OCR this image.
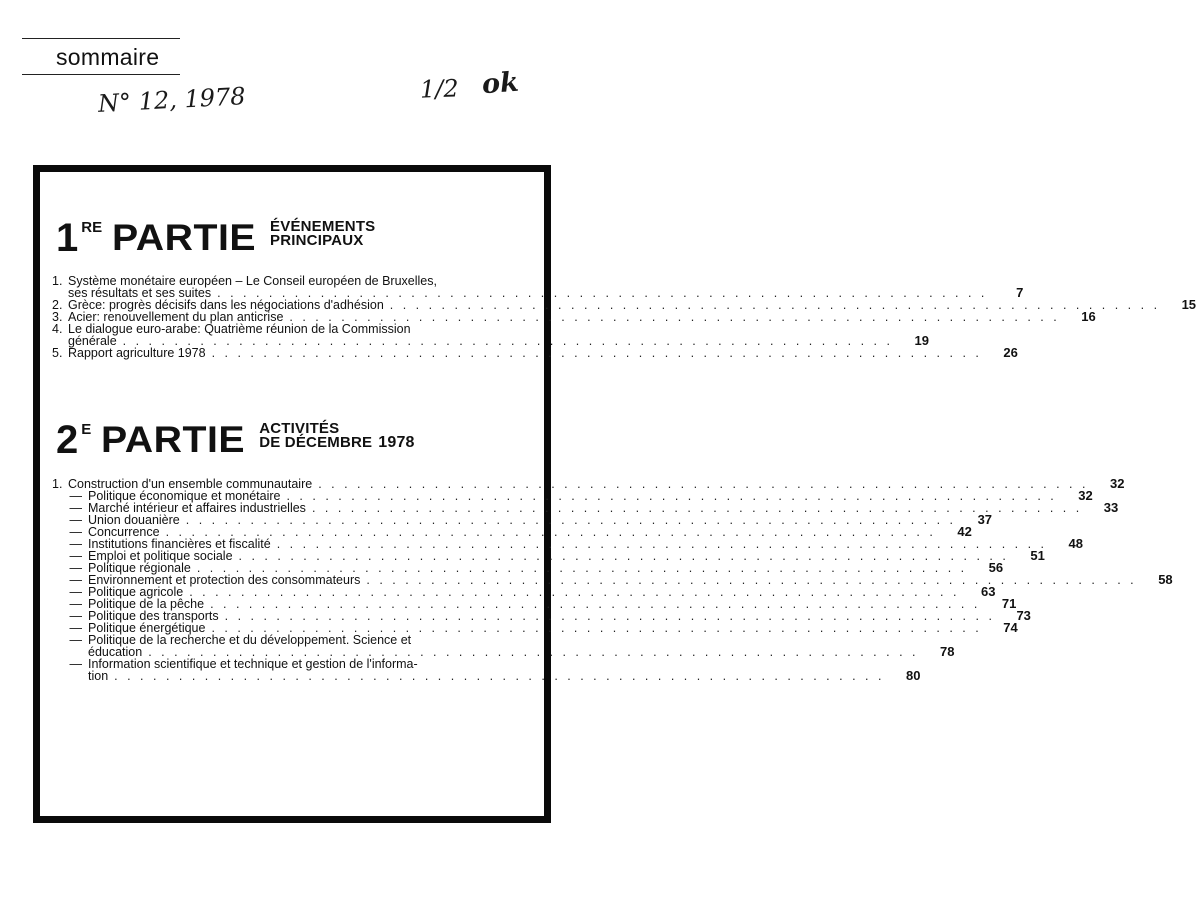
sommaire
N° 12, 1978	1/2 ok
1 RE PARTIE ÉVÉNEMENTS
PRINCIPAUX
1. Système monétaire européen – Le Conseil européen de Bruxelles,
ses résultats et ses suites . . . . . . . . . . . . . . . . . . . . . . . . . . . . . . . . . . . . . . . . . . . . . . . . . . . . . . . . . . . .	7
2. Grèce: progrès décisifs dans les négociations d'adhésion . . . . . . . . . . . . . . . . . . . . . . . . . . . . . . . . . . . . . . . . . . . . . . . . . . . . . . . . . . . .	15
3. Acier: renouvellement du plan anticrise . . . . . . . . . . . . . . . . . . . . . . . . . . . . . . . . . . . . . . . . . . . . . . . . . . . . . . . . . . . .	16
4. Le dialogue euro-arabe: Quatrième réunion de la Commission
générale . . . . . . . . . . . . . . . . . . . . . . . . . . . . . . . . . . . . . . . . . . . . . . . . . . . . . . . . . . . .	19
5. Rapport agriculture 1978 . . . . . . . . . . . . . . . . . . . . . . . . . . . . . . . . . . . . . . . . . . . . . . . . . . . . . . . . . . . .	26
2 E PARTIE ACTIVITÉS
DE DÉCEMBRE 1978
1. Construction d'un ensemble communautaire . . . . . . . . . . . . . . . . . . . . . . . . . . . . . . . . . . . . . . . . . . . . . . . . . . . . . . . . . . . .	32
— Politique économique et monétaire . . . . . . . . . . . . . . . . . . . . . . . . . . . . . . . . . . . . . . . . . . . . . . . . . . . . . . . . . . . .	32
— Marché intérieur et affaires industrielles . . . . . . . . . . . . . . . . . . . . . . . . . . . . . . . . . . . . . . . . . . . . . . . . . . . . . . . . . . . .	33
— Union douanière . . . . . . . . . . . . . . . . . . . . . . . . . . . . . . . . . . . . . . . . . . . . . . . . . . . . . . . . . . . .	37
— Concurrence . . . . . . . . . . . . . . . . . . . . . . . . . . . . . . . . . . . . . . . . . . . . . . . . . . . . . . . . . . . .	42
— Institutions financières et fiscalité . . . . . . . . . . . . . . . . . . . . . . . . . . . . . . . . . . . . . . . . . . . . . . . . . . . . . . . . . . . .	48
— Emploi et politique sociale . . . . . . . . . . . . . . . . . . . . . . . . . . . . . . . . . . . . . . . . . . . . . . . . . . . . . . . . . . . .	51
— Politique régionale . . . . . . . . . . . . . . . . . . . . . . . . . . . . . . . . . . . . . . . . . . . . . . . . . . . . . . . . . . . .	56
— Environnement et protection des consommateurs . . . . . . . . . . . . . . . . . . . . . . . . . . . . . . . . . . . . . . . . . . . . . . . . . . . . . . . . . . . .	58
— Politique agricole . . . . . . . . . . . . . . . . . . . . . . . . . . . . . . . . . . . . . . . . . . . . . . . . . . . . . . . . . . . .	63
— Politique de la pêche . . . . . . . . . . . . . . . . . . . . . . . . . . . . . . . . . . . . . . . . . . . . . . . . . . . . . . . . . . . .	71
— Politique des transports . . . . . . . . . . . . . . . . . . . . . . . . . . . . . . . . . . . . . . . . . . . . . . . . . . . . . . . . . . . .	73
— Politique énergétique . . . . . . . . . . . . . . . . . . . . . . . . . . . . . . . . . . . . . . . . . . . . . . . . . . . . . . . . . . . .	74
— Politique de la recherche et du développement. Science et
éducation . . . . . . . . . . . . . . . . . . . . . . . . . . . . . . . . . . . . . . . . . . . . . . . . . . . . . . . . . . . .	78
— Information scientifique et technique et gestion de l'informa-
tion . . . . . . . . . . . . . . . . . . . . . . . . . . . . . . . . . . . . . . . . . . . . . . . . . . . . . . . . . . . .	80
